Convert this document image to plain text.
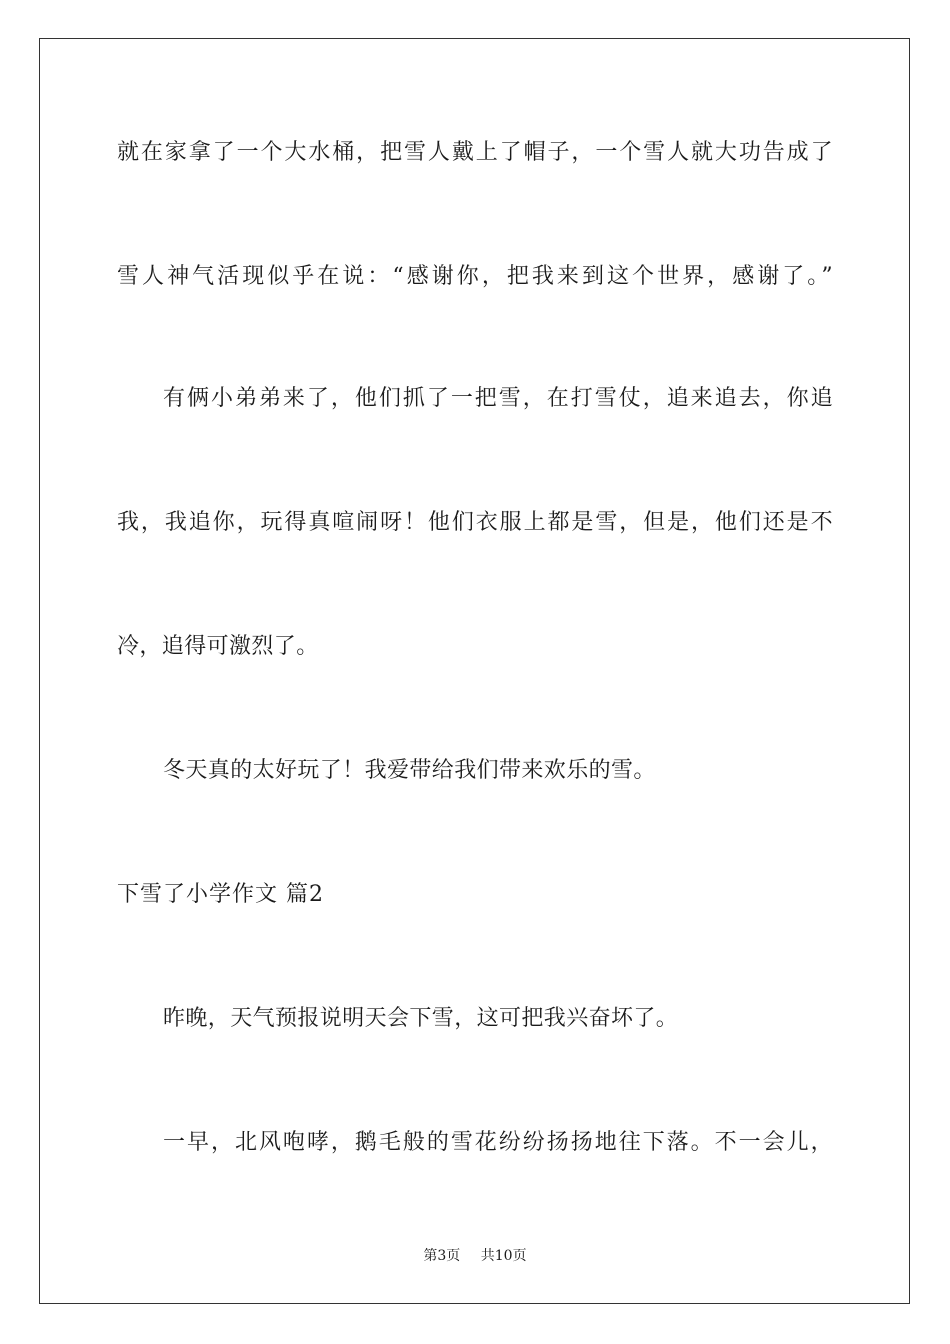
就在家拿了一个大水桶，把雪人戴上了帽子，一个雪人就大功告成了
雪人神气活现似乎在说：“感谢你，把我来到这个世界，感谢了。”
有俩小弟弟来了，他们抓了一把雪，在打雪仗，追来追去，你追
我，我追你，玩得真喧闹呀！他们衣服上都是雪，但是，他们还是不
冷，追得可激烈了。
冬天真的太好玩了！我爱带给我们带来欢乐的雪。
下雪了小学作文 篇2
昨晚，天气预报说明天会下雪，这可把我兴奋坏了。
一早，北风咆哮，鹅毛般的雪花纷纷扬扬地往下落。不一会儿，
第3页 共10页
